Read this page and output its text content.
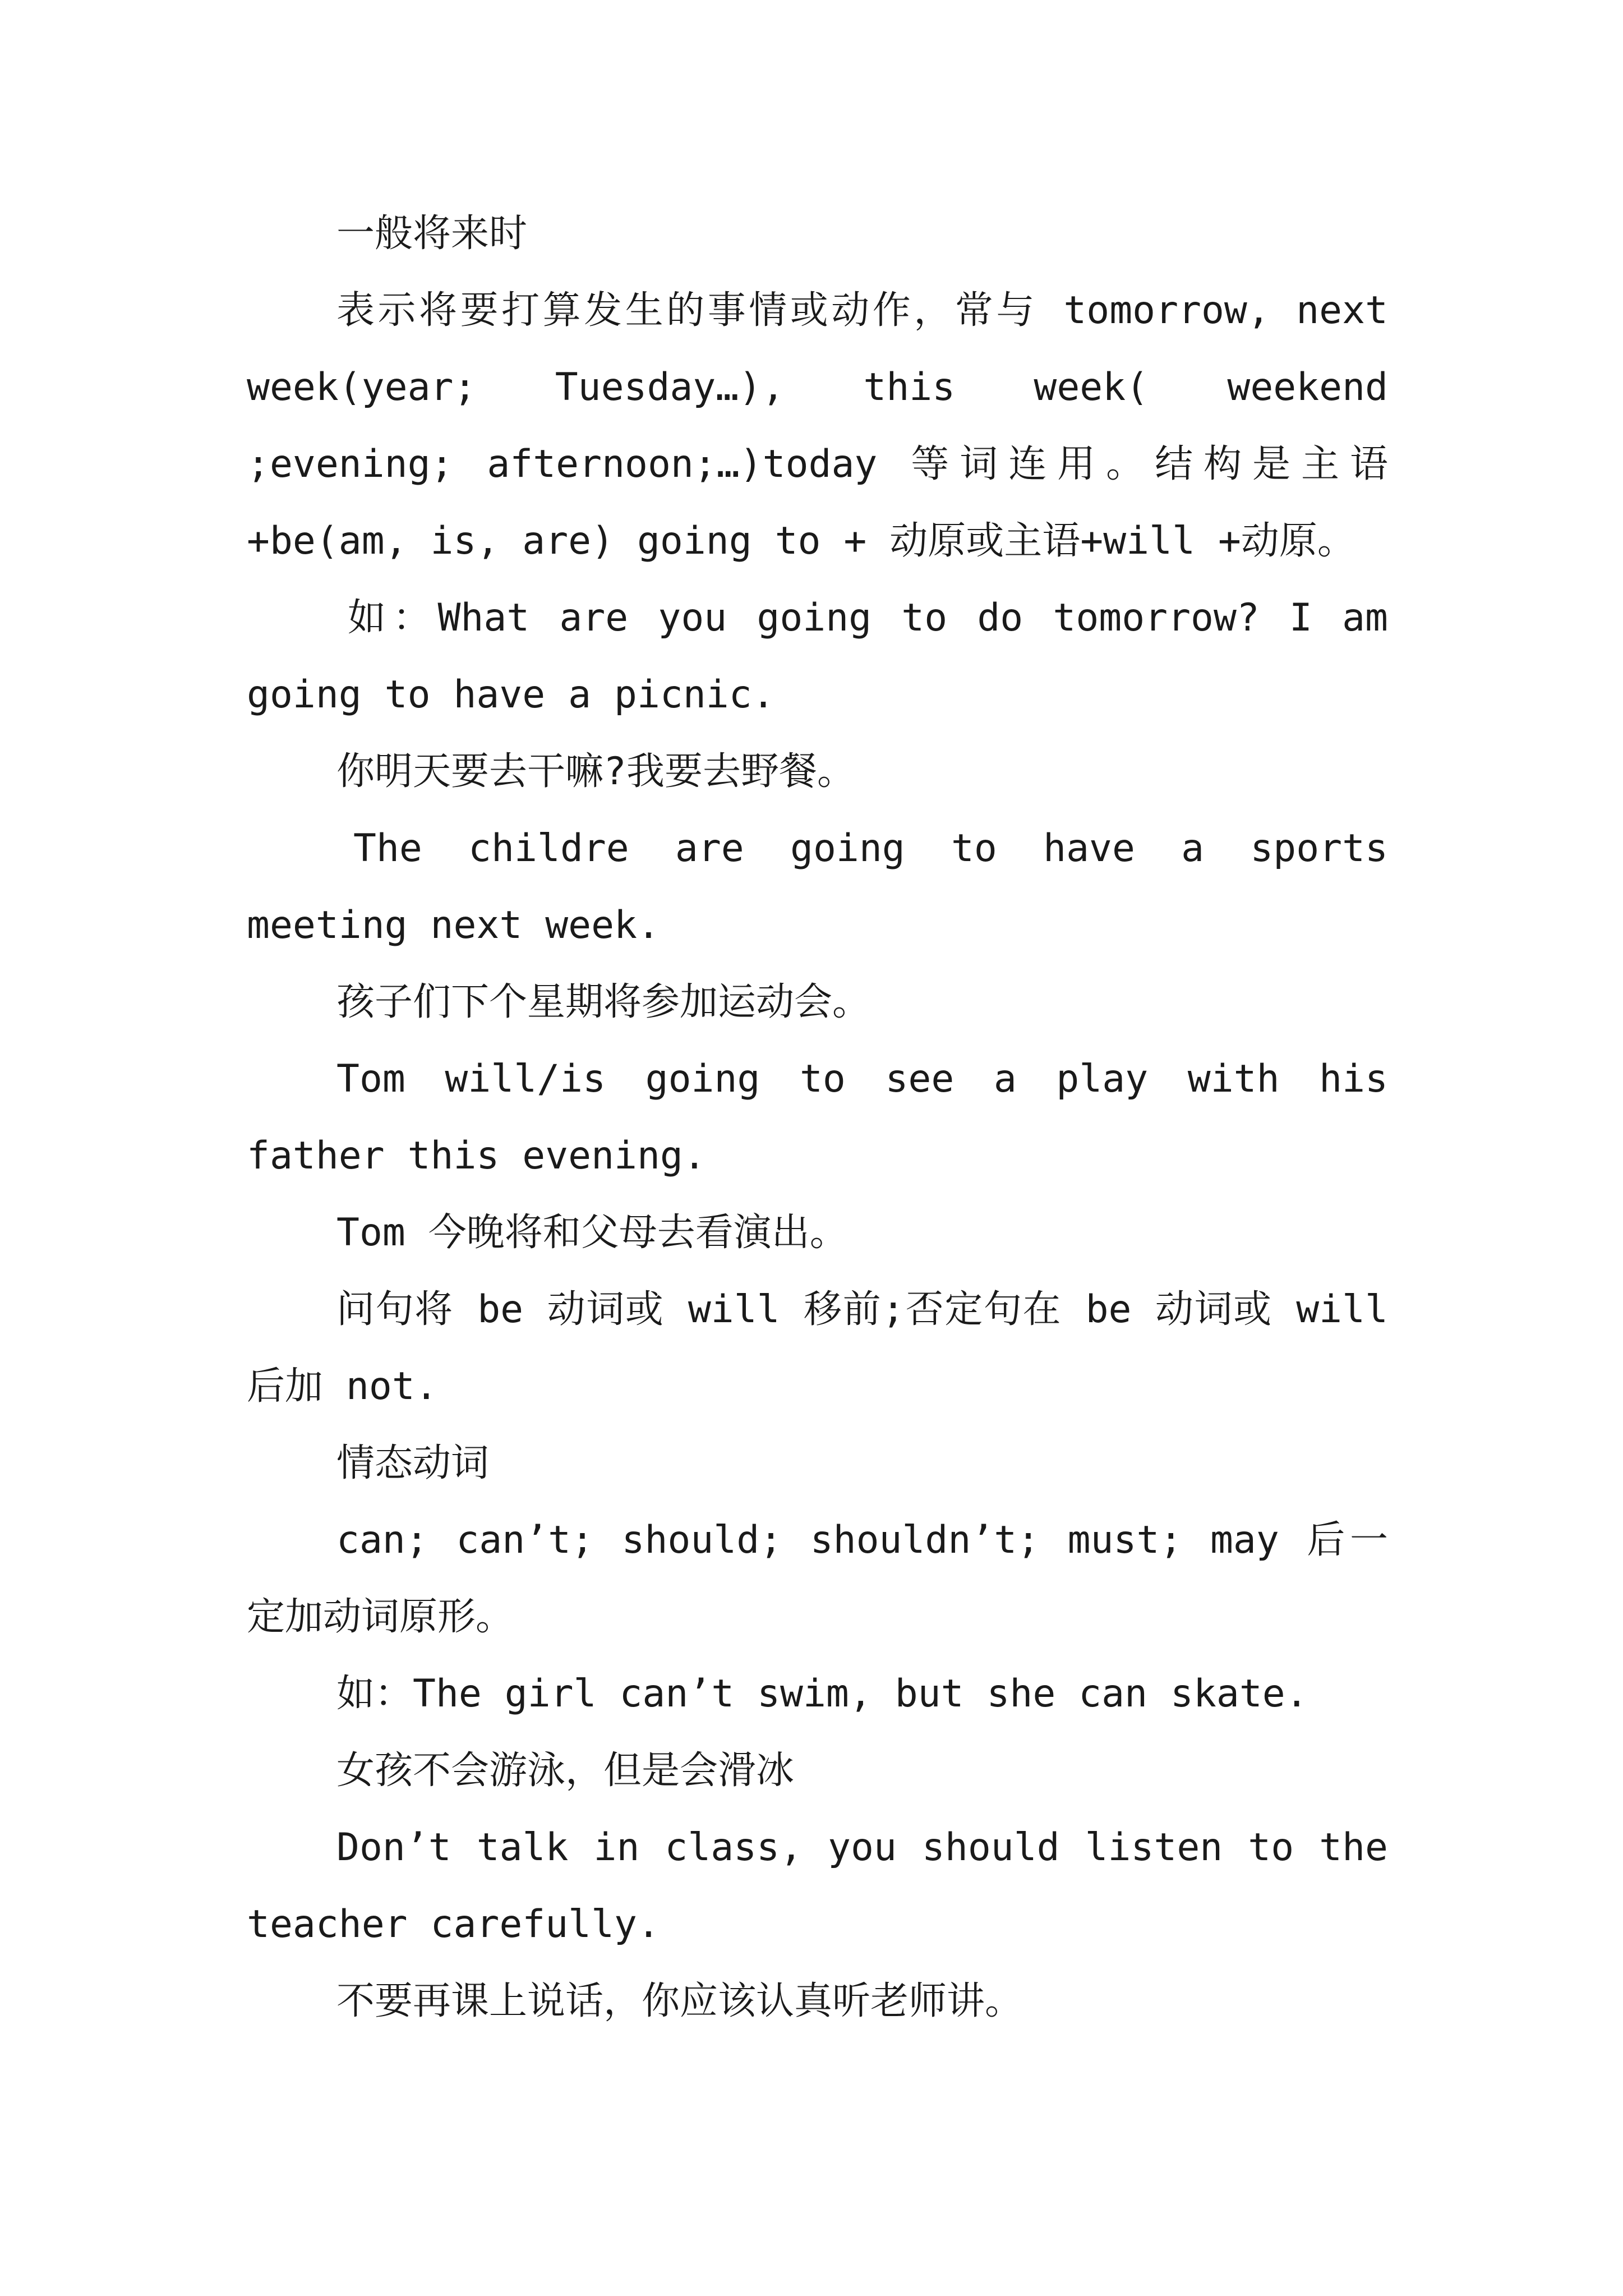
一般将来时

表示将要打算发生的事情或动作，常与 tomorrow, next week(year; Tuesday…), this week( weekend ;evening; afternoon;…)today 等词连用。结构是主语+be(am, is, are) going to + 动原或主语+will +动原。

如：What are you going to do tomorrow? I am going to have a picnic.

你明天要去干嘛?我要去野餐。

The childre are going to have a sports meeting next week.

孩子们下个星期将参加运动会。

Tom will/is going to see a play with his father this evening.

Tom 今晚将和父母去看演出。

问句将 be 动词或 will 移前;否定句在 be 动词或 will 后加 not.

情态动词

can; can’t; should; shouldn’t; must; may 后一定加动词原形。

如：The girl can’t swim, but she can skate.

女孩不会游泳，但是会滑冰

Don’t talk in class, you should listen to the teacher carefully.

不要再课上说话，你应该认真听老师讲。
